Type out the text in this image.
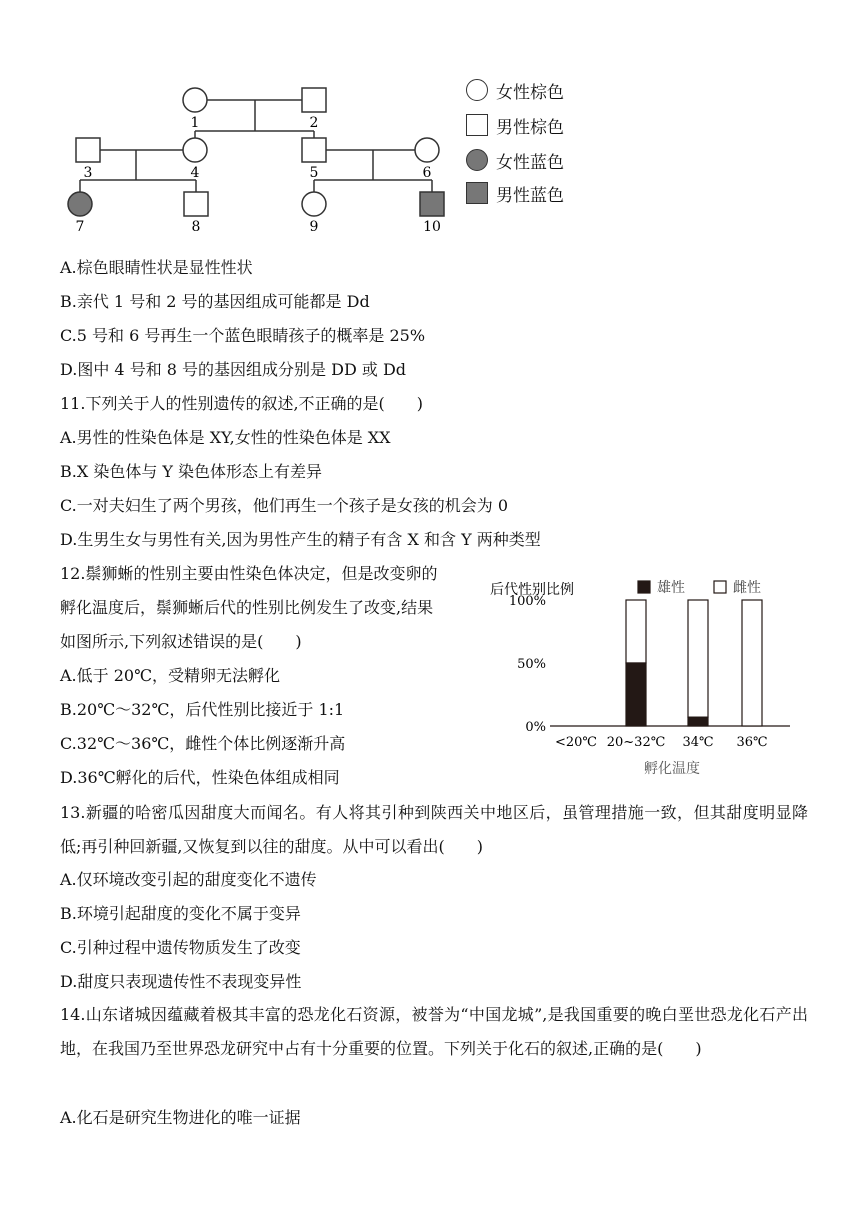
1	2
3	4	5	6
7	8	9	10
女性棕色
男性棕色
女性蓝色
男性蓝色
A.棕色眼睛性状是显性性状
B.亲代 1 号和 2 号的基因组成可能都是 Dd
C.5 号和 6 号再生一个蓝色眼睛孩子的概率是 25%
D.图中 4 号和 8 号的基因组成分别是 DD 或 Dd
11.下列关于人的性别遗传的叙述,不正确的是(　　)
A.男性的性染色体是 XY,女性的性染色体是 XX
B.X 染色体与 Y 染色体形态上有差异
C.一对夫妇生了两个男孩，他们再生一个孩子是女孩的机会为 0
D.生男生女与男性有关,因为男性产生的精子有含 X 和含 Y 两种类型
12.鬃狮蜥的性别主要由性染色体决定，但是改变卵的
孵化温度后，鬃狮蜥后代的性别比例发生了改变,结果
如图所示,下列叙述错误的是(　　)
A.低于 20℃，受精卵无法孵化
B.20℃～32℃，后代性别比接近于 1:1
C.32℃～36℃，雌性个体比例逐渐升高
D.36℃孵化的后代，性染色体组成相同
后代性别比例	雄性	雌性
100%
50%
0%
<20℃ 20~32℃ 34℃ 36℃
孵化温度
13.新疆的哈密瓜因甜度大而闻名。有人将其引种到陕西关中地区后，虽管理措施一致，但其甜度明显降低;再引种回新疆,又恢复到以往的甜度。从中可以看出(　　)
A.仅环境改变引起的甜度变化不遗传
B.环境引起甜度的变化不属于变异
C.引种过程中遗传物质发生了改变
D.甜度只表现遗传性不表现变异性
14.山东诸城因蕴藏着极其丰富的恐龙化石资源，被誉为“中国龙城”,是我国重要的晚白垩世恐龙化石产出地，在我国乃至世界恐龙研究中占有十分重要的位置。下列关于化石的叙述,正确的是(　　)
A.化石是研究生物进化的唯一证据
